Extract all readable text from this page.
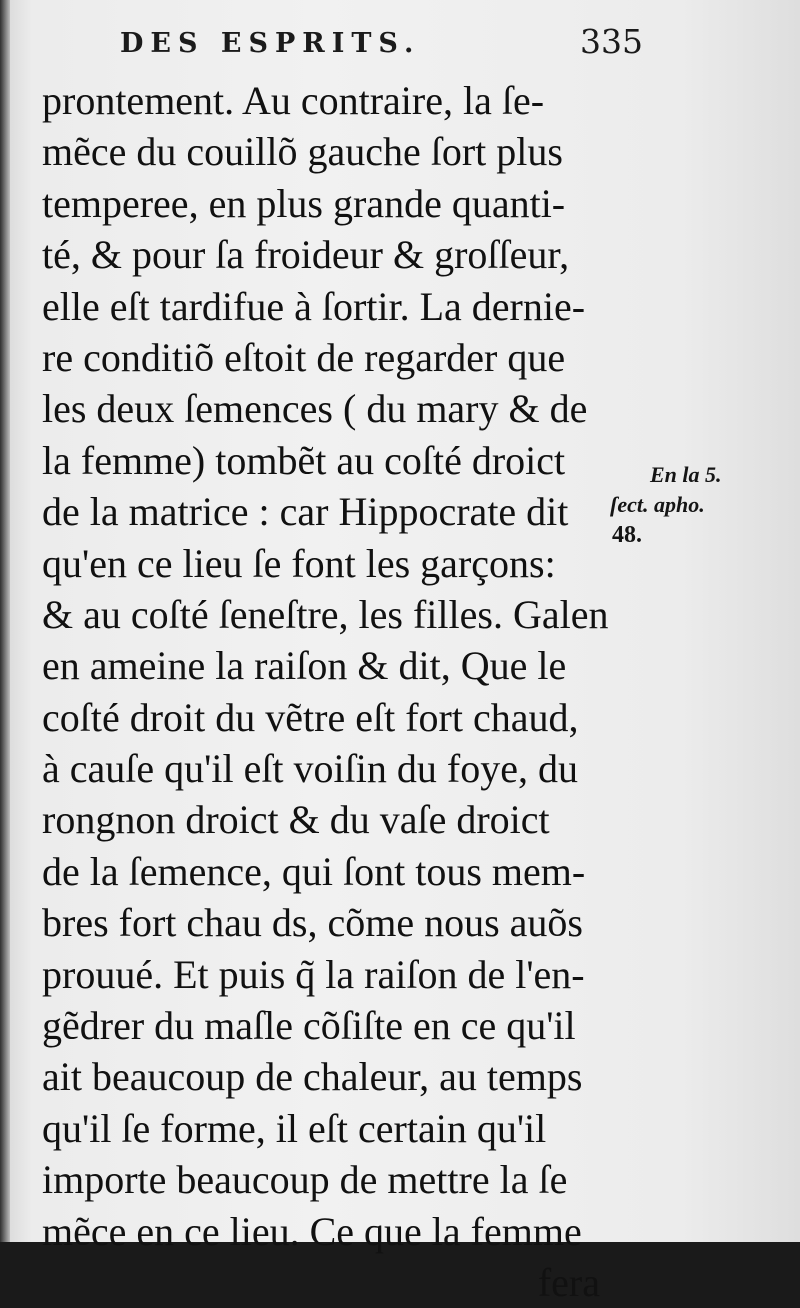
DES ESPRITS.	335
prontement. Au contraire, la ſe-
mẽce du couillõ gauche ſort plus
temperee, en plus grande quanti-
té, & pour ſa froideur & groſſeur,
elle eſt tardifue à ſortir. La dernie-
re conditiõ eſtoit de regarder que
les deux ſemences ( du mary & de
la femme) tombẽt au coſté droict
de la matrice : car Hippocrate dit
qu'en ce lieu ſe font les garçons:
& au coſté ſeneſtre, les filles. Galen
en ameine la raiſon & dit, Que le
coſté droit du vẽtre eſt fort chaud,
à cauſe qu'il eſt voiſin du foye, du
rongnon droict & du vaſe droict
de la ſemence, qui ſont tous mem-
bres fort chau ds, cõme nous auõs
prouué. Et puis q̃ la raiſon de l'en-
gẽdrer du maſle cõſiſte en ce qu'il
ait beaucoup de chaleur, au temps
qu'il ſe forme, il eſt certain qu'il
importe beaucoup de mettre la ſe
mẽce en ce lieu. Ce que la femme
fera
En la 5.
ſect. apho.
48.
